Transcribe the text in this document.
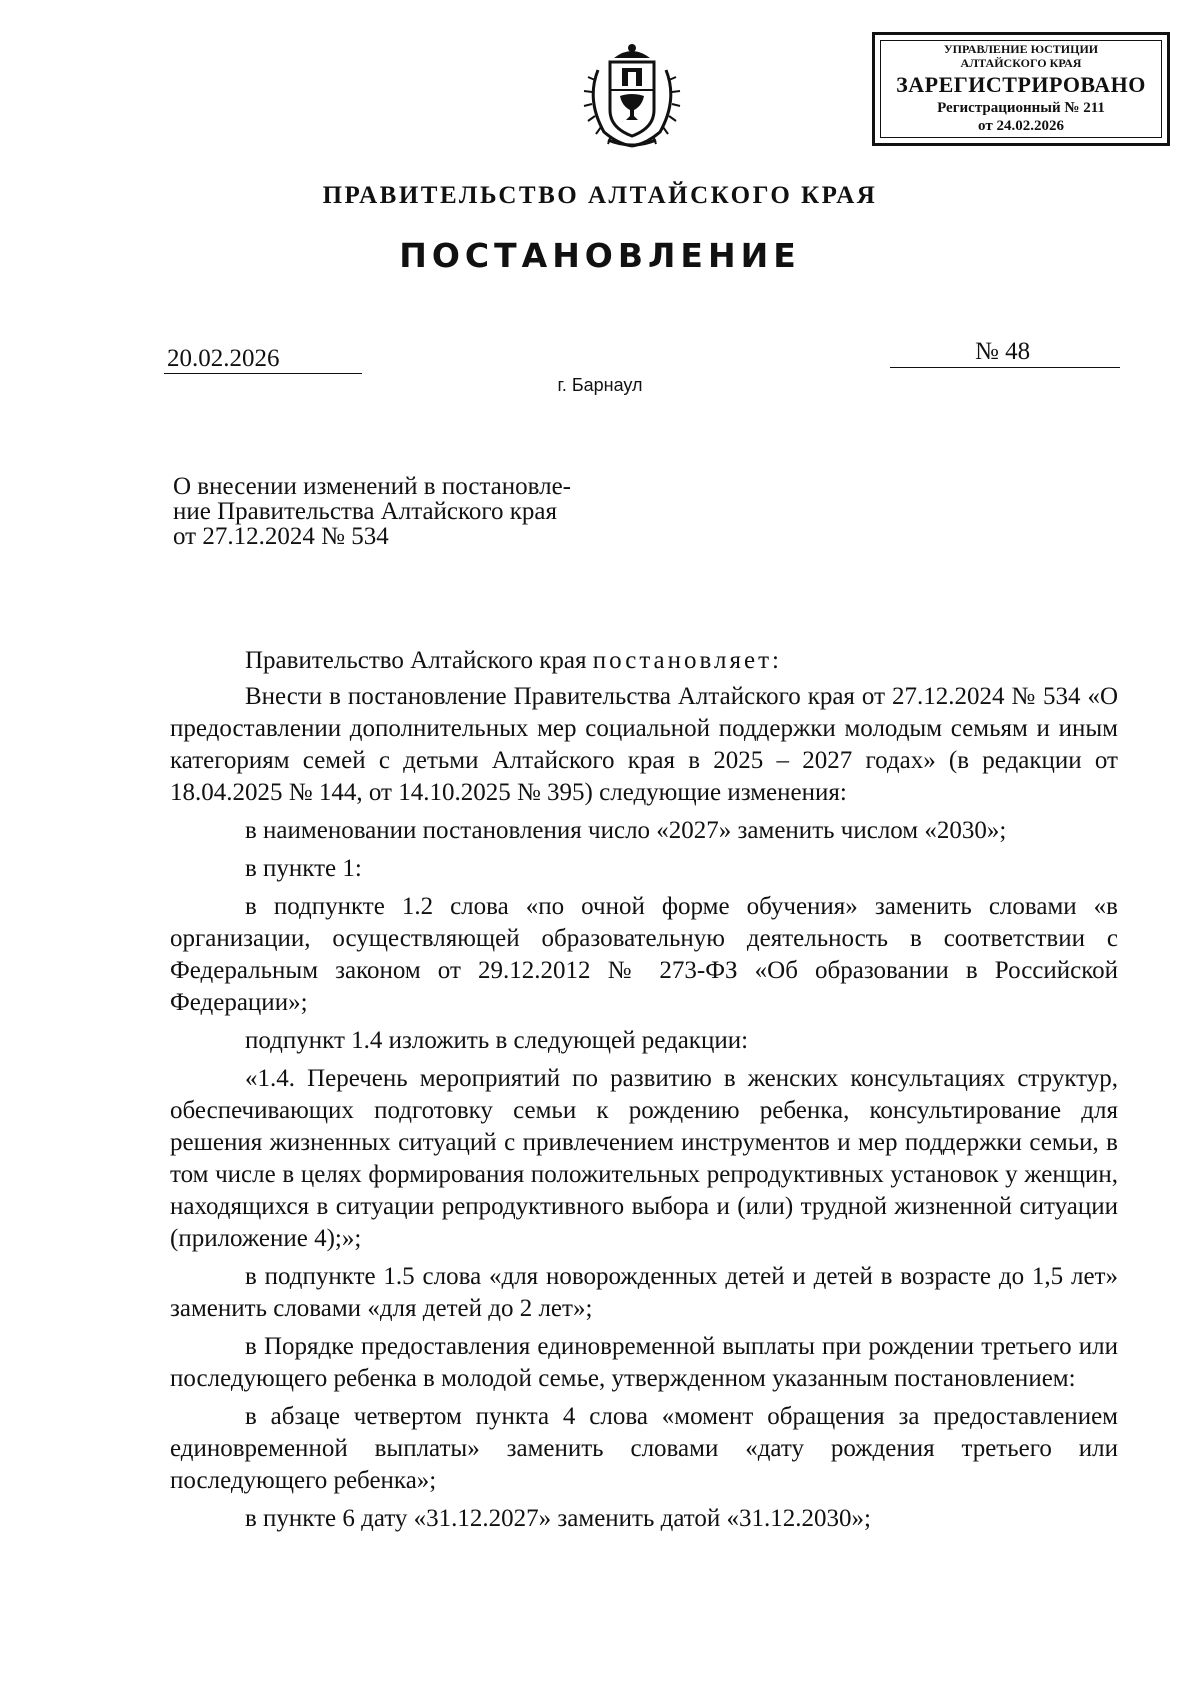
УПРАВЛЕНИЕ ЮСТИЦИИ
АЛТАЙСКОГО КРАЯ
ЗАРЕГИСТРИРОВАНО
Регистрационный № 211
от 24.02.2026
ПРАВИТЕЛЬСТВО АЛТАЙСКОГО КРАЯ
ПОСТАНОВЛЕНИЕ
20.02.2026	№ 48
г. Барнаул

О внесении изменений в постановле-

ние Правительства Алтайского края

от 27.12.2024 № 534

Правительство Алтайского края постановляет:

Внести в постановление Правительства Алтайского края от 27.12.2024 № 534 «О предоставлении дополнительных мер социальной поддержки молодым семьям и иным категориям семей с детьми Алтайского края в 2025 – 2027 годах» (в редакции от 18.04.2025 № 144, от 14.10.2025 № 395) следующие изменения:

в наименовании постановления число «2027» заменить числом «2030»;

в пункте 1:

в подпункте 1.2 слова «по очной форме обучения» заменить словами «в организации, осуществляющей образовательную деятельность в соответствии с Федеральным законом от 29.12.2012 № 273-ФЗ «Об образовании в Российской Федерации»;

подпункт 1.4 изложить в следующей редакции:

«1.4. Перечень мероприятий по развитию в женских консультациях структур, обеспечивающих подготовку семьи к рождению ребенка, консультирование для решения жизненных ситуаций с привлечением инструментов и мер поддержки семьи, в том числе в целях формирования положительных репродуктивных установок у женщин, находящихся в ситуации репродуктивного выбора и (или) трудной жизненной ситуации (приложение 4);»;

в подпункте 1.5 слова «для новорожденных детей и детей в возрасте до 1,5 лет» заменить словами «для детей до 2 лет»;

в Порядке предоставления единовременной выплаты при рождении третьего или последующего ребенка в молодой семье, утвержденном указанным постановлением:

в абзаце четвертом пункта 4 слова «момент обращения за предоставлением единовременной выплаты» заменить словами «дату рождения третьего или последующего ребенка»;

в пункте 6 дату «31.12.2027» заменить датой «31.12.2030»;
